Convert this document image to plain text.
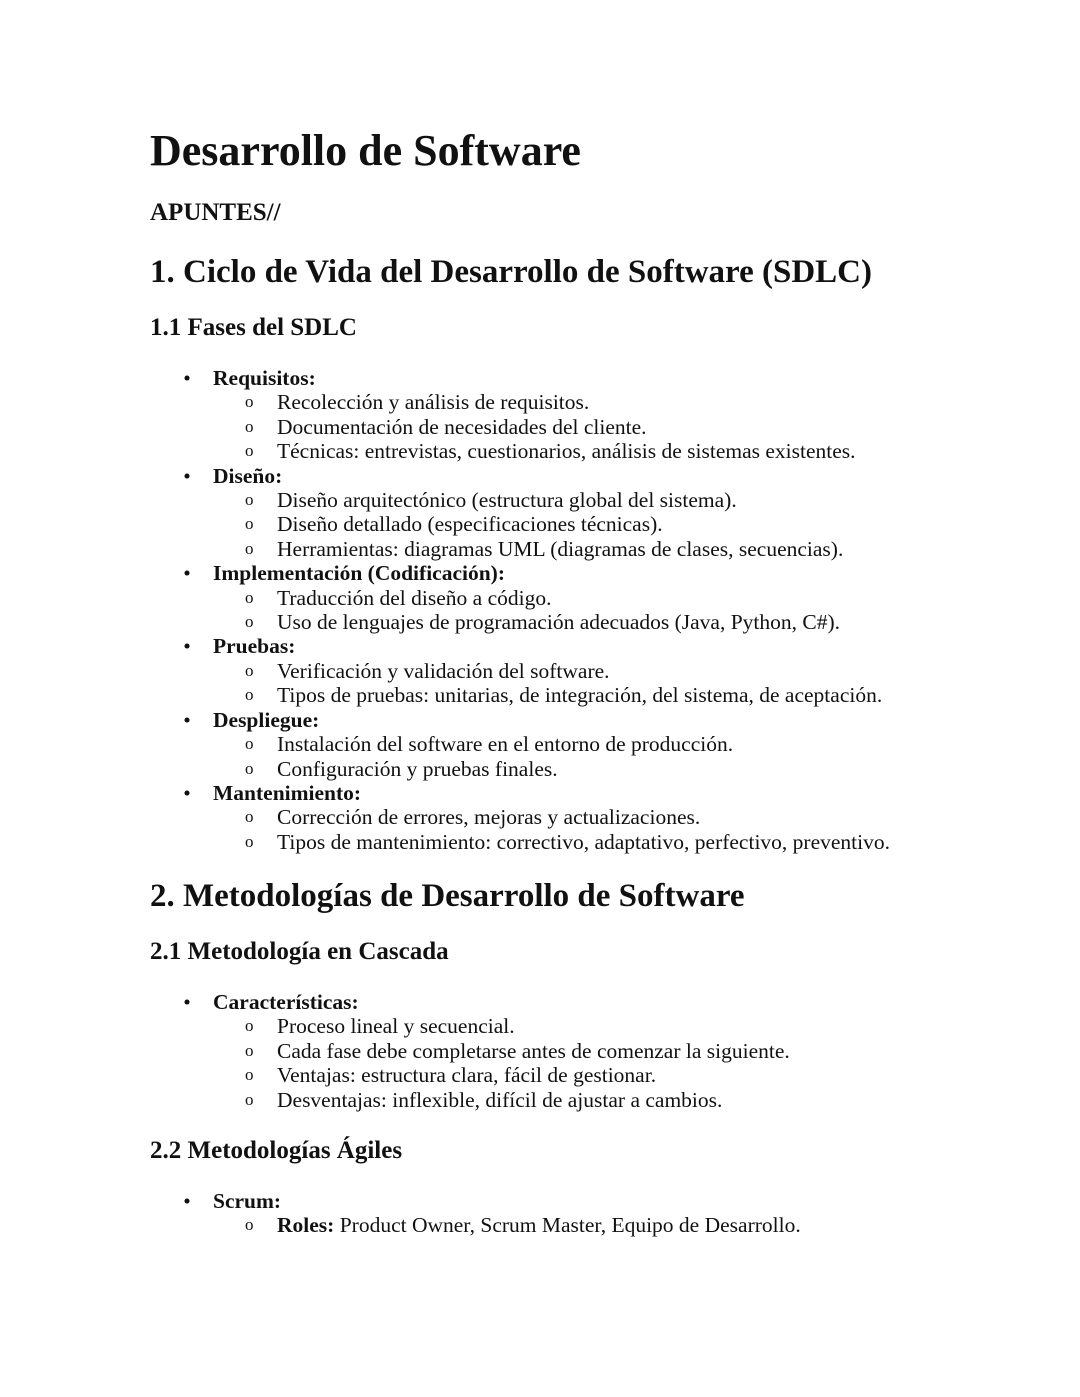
Desarrollo de Software
APUNTES//
1. Ciclo de Vida del Desarrollo de Software (SDLC)
1.1 Fases del SDLC
• Requisitos:
o Recolección y análisis de requisitos.
o Documentación de necesidades del cliente.
o Técnicas: entrevistas, cuestionarios, análisis de sistemas existentes.
• Diseño:
o Diseño arquitectónico (estructura global del sistema).
o Diseño detallado (especificaciones técnicas).
o Herramientas: diagramas UML (diagramas de clases, secuencias).
• Implementación (Codificación):
o Traducción del diseño a código.
o Uso de lenguajes de programación adecuados (Java, Python, C#).
• Pruebas:
o Verificación y validación del software.
o Tipos de pruebas: unitarias, de integración, del sistema, de aceptación.
• Despliegue:
o Instalación del software en el entorno de producción.
o Configuración y pruebas finales.
• Mantenimiento:
o Corrección de errores, mejoras y actualizaciones.
o Tipos de mantenimiento: correctivo, adaptativo, perfectivo, preventivo.
2. Metodologías de Desarrollo de Software
2.1 Metodología en Cascada
• Características:
o Proceso lineal y secuencial.
o Cada fase debe completarse antes de comenzar la siguiente.
o Ventajas: estructura clara, fácil de gestionar.
o Desventajas: inflexible, difícil de ajustar a cambios.
2.2 Metodologías Ágiles
• Scrum:
o Roles: Product Owner, Scrum Master, Equipo de Desarrollo.
